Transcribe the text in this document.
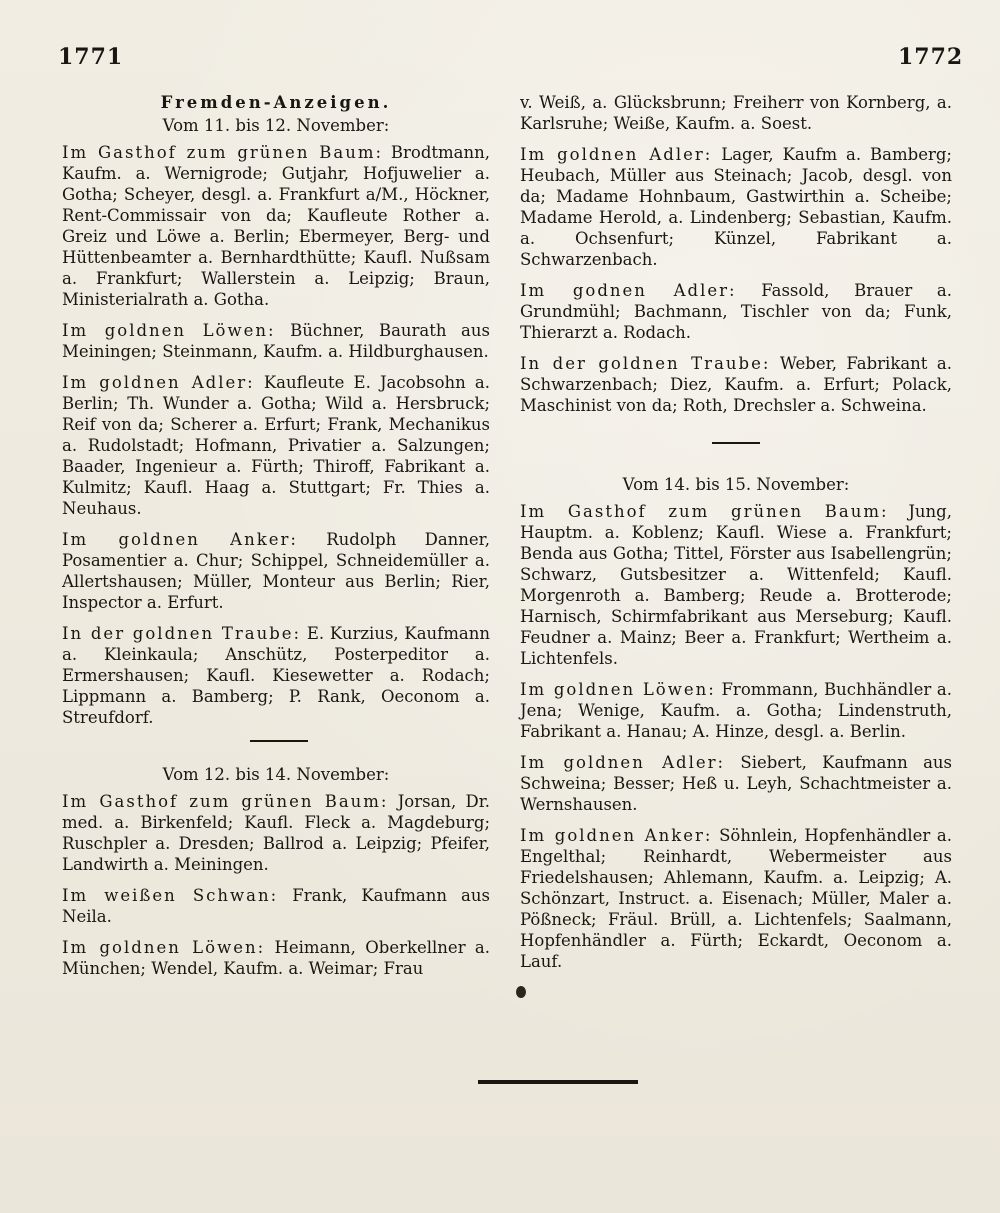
1771	1772
Fremden-Anzeigen.
Vom 11. bis 12. November:

Im Gasthof zum grünen Baum: Brodtmann, Kaufm. a. Wernigrode; Gutjahr, Hofjuwelier a. Gotha; Scheyer, desgl. a. Frankfurt a/M., Höckner, Rent-Commissair von da; Kaufleute Rother a. Greiz und Löwe a. Berlin; Ebermeyer, Berg- und Hüttenbeamter a. Bernhardthütte; Kaufl. Nußsam a. Frankfurt; Wallerstein a. Leipzig; Braun, Ministerialrath a. Gotha.

Im goldnen Löwen: Büchner, Baurath aus Meiningen; Steinmann, Kaufm. a. Hildburghausen.

Im goldnen Adler: Kaufleute E. Jacobsohn a. Berlin; Th. Wunder a. Gotha; Wild a. Hersbruck; Reif von da; Scherer a. Erfurt; Frank, Mechanikus a. Rudolstadt; Hofmann, Privatier a. Salzungen; Baader, Ingenieur a. Fürth; Thiroff, Fabrikant a. Kulmitz; Kaufl. Haag a. Stuttgart; Fr. Thies a. Neuhaus.

Im goldnen Anker: Rudolph Danner, Posamentier a. Chur; Schippel, Schneidemüller a. Allertshausen; Müller, Monteur aus Berlin; Rier, Inspector a. Erfurt.

In der goldnen Traube: E. Kurzius, Kaufmann a. Kleinkaula; Anschütz, Posterpeditor a. Ermershausen; Kaufl. Kiesewetter a. Rodach; Lippmann a. Bamberg; P. Rank, Oeconom a. Streufdorf.

Vom 12. bis 14. November:

Im Gasthof zum grünen Baum: Jorsan, Dr. med. a. Birkenfeld; Kaufl. Fleck a. Magdeburg; Ruschpler a. Dresden; Ballrod a. Leipzig; Pfeifer, Landwirth a. Meiningen.

Im weißen Schwan: Frank, Kaufmann aus Neila.

Im goldnen Löwen: Heimann, Oberkellner a. München; Wendel, Kaufm. a. Weimar; Frau

v. Weiß, a. Glücksbrunn; Freiherr von Kornberg, a. Karlsruhe; Weiße, Kaufm. a. Soest.

Im goldnen Adler: Lager, Kaufm a. Bamberg; Heubach, Müller aus Steinach; Jacob, desgl. von da; Madame Hohnbaum, Gastwirthin a. Scheibe; Madame Herold, a. Lindenberg; Sebastian, Kaufm. a. Ochsenfurt; Künzel, Fabrikant a. Schwarzenbach.

Im godnen Adler: Fassold, Brauer a. Grundmühl; Bachmann, Tischler von da; Funk, Thierarzt a. Rodach.

In der goldnen Traube: Weber, Fabrikant a. Schwarzenbach; Diez, Kaufm. a. Erfurt; Polack, Maschinist von da; Roth, Drechsler a. Schweina.

Vom 14. bis 15. November:

Im Gasthof zum grünen Baum: Jung, Hauptm. a. Koblenz; Kaufl. Wiese a. Frankfurt; Benda aus Gotha; Tittel, Förster aus Isabellengrün; Schwarz, Gutsbesitzer a. Wittenfeld; Kaufl. Morgenroth a. Bamberg; Reude a. Brotterode; Harnisch, Schirmfabrikant aus Merseburg; Kaufl. Feudner a. Mainz; Beer a. Frankfurt; Wertheim a. Lichtenfels.

Im goldnen Löwen: Frommann, Buchhändler a. Jena; Wenige, Kaufm. a. Gotha; Lindenstruth, Fabrikant a. Hanau; A. Hinze, desgl. a. Berlin.

Im goldnen Adler: Siebert, Kaufmann aus Schweina; Besser; Heß u. Leyh, Schachtmeister a. Wernshausen.

Im goldnen Anker: Söhnlein, Hopfenhändler a. Engelthal; Reinhardt, Webermeister aus Friedelshausen; Ahlemann, Kaufm. a. Leipzig; A. Schönzart, Instruct. a. Eisenach; Müller, Maler a. Pößneck; Fräul. Brüll, a. Lichtenfels; Saalmann, Hopfenhändler a. Fürth; Eckardt, Oeconom a. Lauf.
